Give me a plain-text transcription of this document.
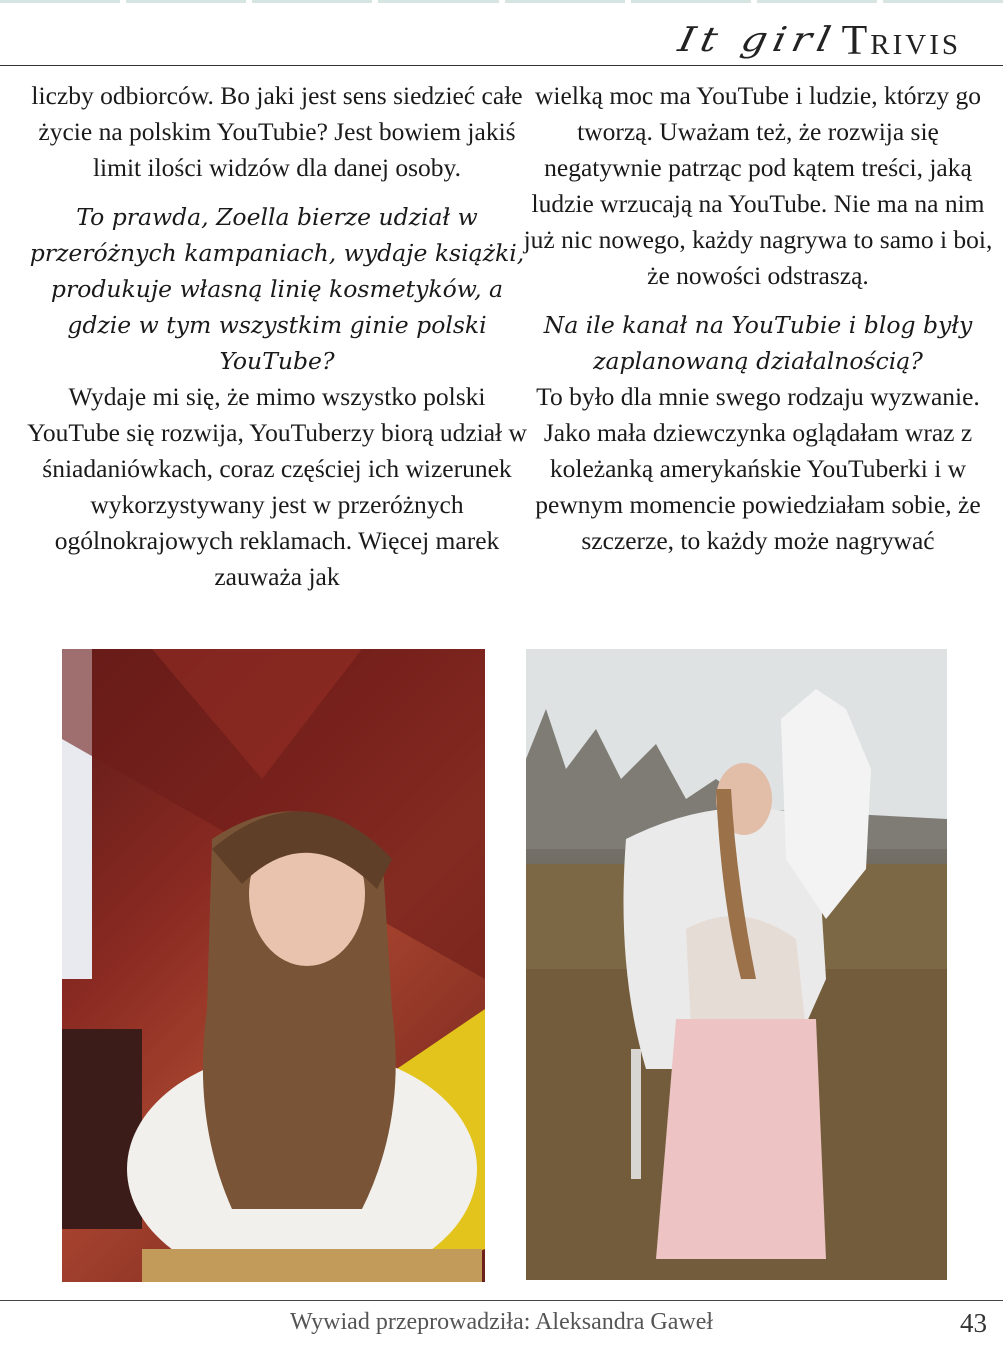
It girl Trivis

liczby odbiorców. Bo jaki jest sens siedzieć całe życie na polskim YouTubie? Jest bowiem jakiś limit ilości widzów dla danej osoby.

To prawda, Zoella bierze udział w przeróżnych kampaniach, wydaje książki, produkuje własną linię kosmetyków, a gdzie w tym wszystkim ginie polski YouTube?

Wydaje mi się, że mimo wszystko polski YouTube się rozwija, YouTuberzy biorą udział w śniadaniówkach, coraz częściej ich wizerunek wykorzystywany jest w przeróżnych ogólnokrajowych reklamach. Więcej marek zauważa jak

wielką moc ma YouTube i ludzie, którzy go tworzą. Uważam też, że rozwija się negatywnie patrząc pod kątem treści, jaką ludzie wrzucają na YouTube. Nie ma na nim już nic nowego, każdy nagrywa to samo i boi, że nowości odstraszą.

Na ile kanał na YouTubie i blog były zaplanowaną działalnością?

To było dla mnie swego rodzaju wyzwanie. Jako mała dziewczynka oglądałam wraz z koleżanką amerykańskie YouTuberki i w pewnym momencie powiedziałam sobie, że szczerze, to każdy może nagrywać

Wywiad przeprowadziła: Aleksandra Gaweł	43
